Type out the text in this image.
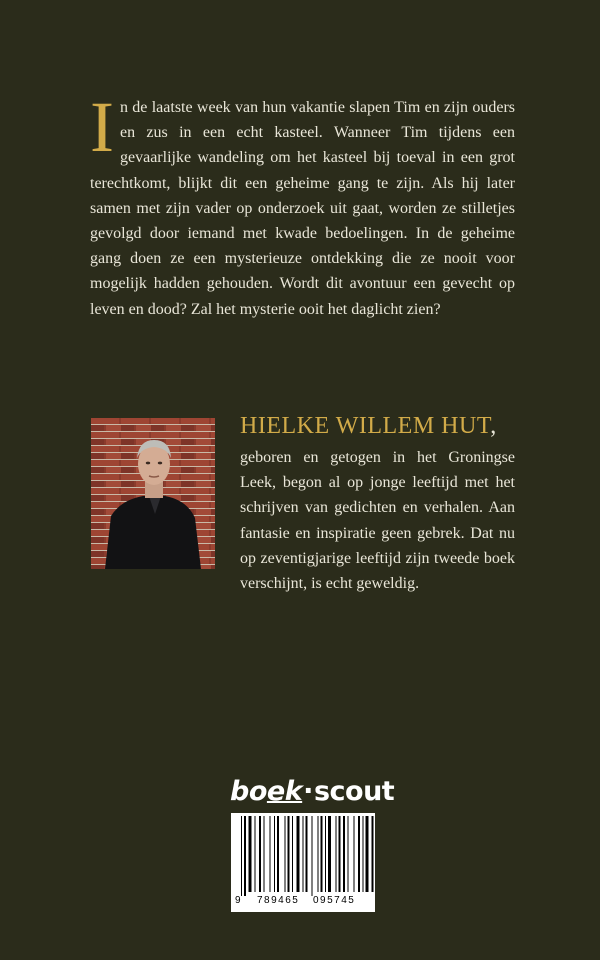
In de laatste week van hun vakantie slapen Tim en zijn ouders en zus in een echt kasteel. Wanneer Tim tijdens een gevaarlijke wandeling om het kasteel bij toeval in een grot terechtkomt, blijkt dit een geheime gang te zijn. Als hij later samen met zijn vader op onderzoek uit gaat, worden ze stilletjes gevolgd door iemand met kwade bedoelingen. In de geheime gang doen ze een mysterieuze ontdekking die ze nooit voor mogelijk hadden gehouden. Wordt dit avontuur een gevecht op leven en dood? Zal het mysterie ooit het daglicht zien?

HIELKE WILLEM HUT,

geboren en getogen in het Groningse Leek, begon al op jonge leeftijd met het schrijven van gedichten en verhalen. Aan fantasie en inspiratie geen gebrek. Dat nu op zeventigjarige leeftijd zijn tweede boek verschijnt, is echt geweldig.

boek·scout
9 789465 095745
